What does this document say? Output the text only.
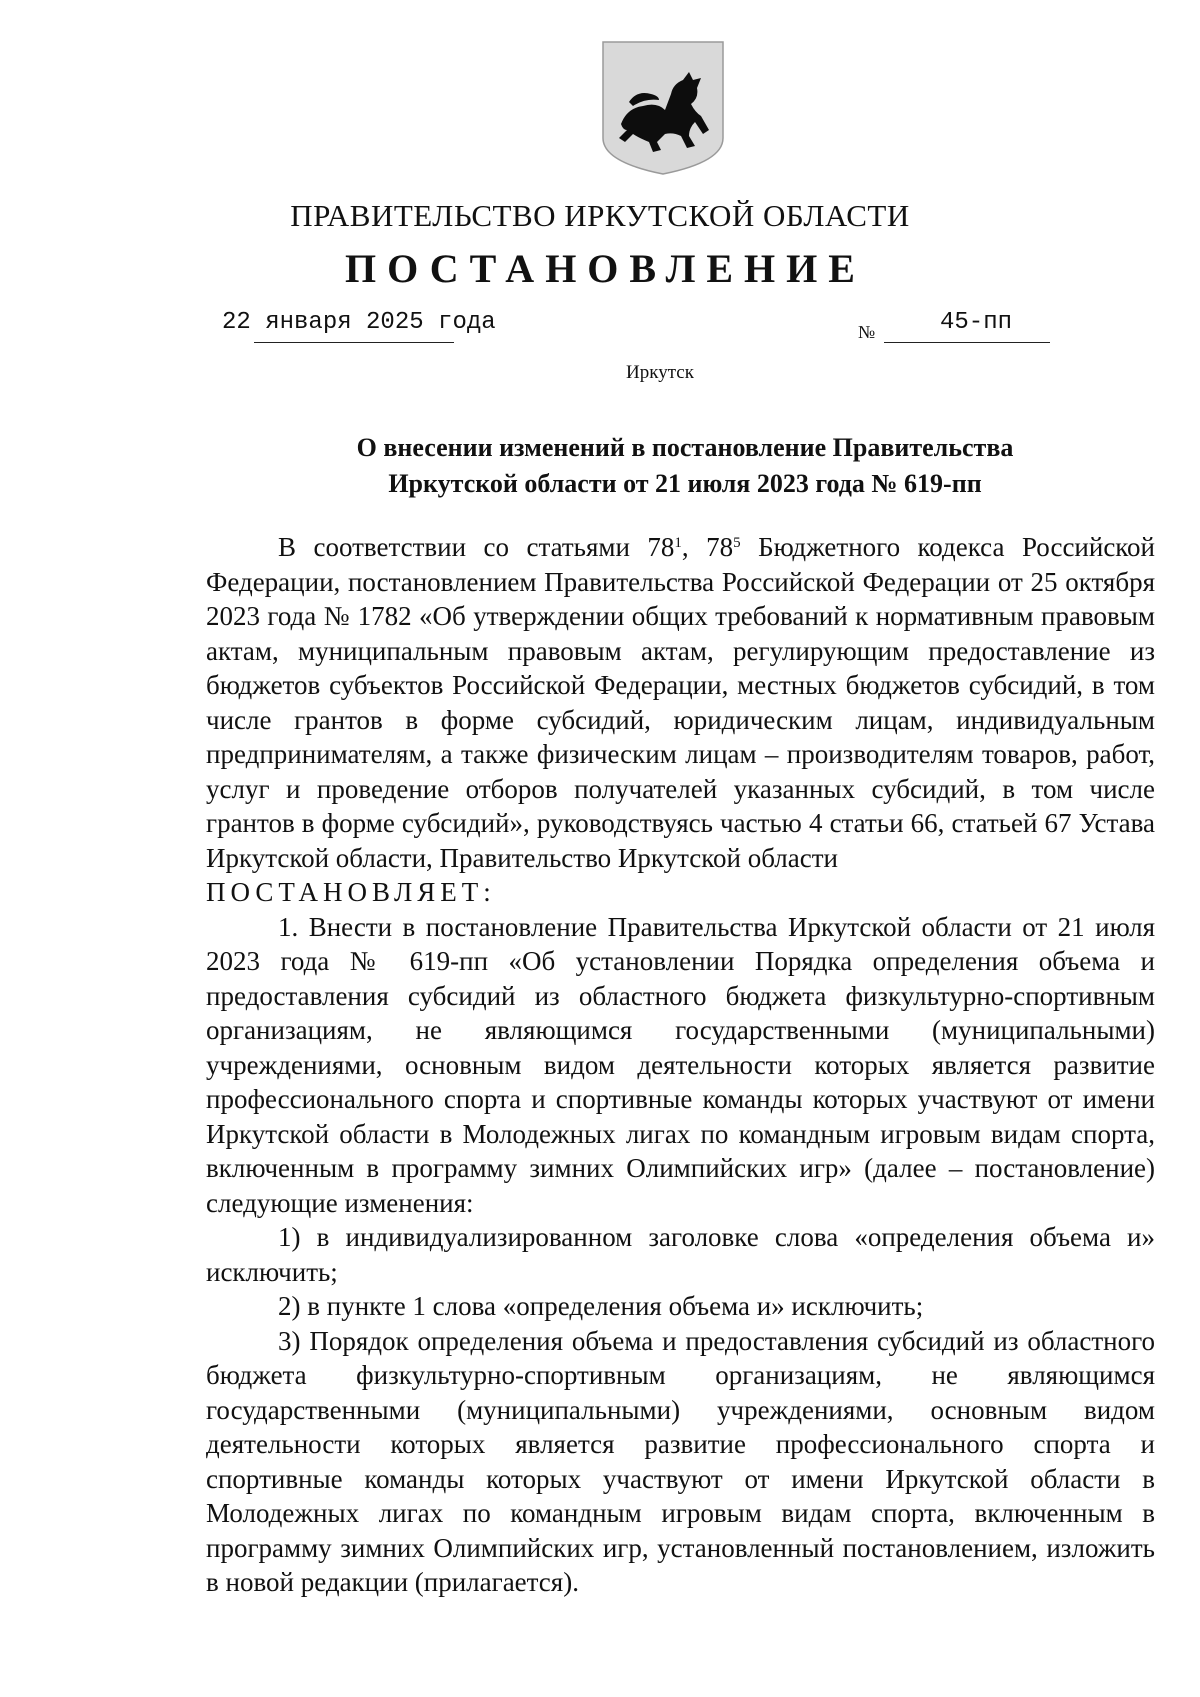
ПРАВИТЕЛЬСТВО ИРКУТСКОЙ ОБЛАСТИ
ПОСТАНОВЛЕНИЕ
22 января 2025 года	№	45-пп
Иркутск
О внесении изменений в постановление Правительства
Иркутской области от 21 июля 2023 года № 619-пп

В соответствии со статьями $78^1$, $78^5$ Бюджетного кодекса Российской Федерации, постановлением Правительства Российской Федерации от 25 октября 2023 года № 1782 «Об утверждении общих требований к нормативным правовым актам, муниципальным правовым актам, регулирующим предоставление из бюджетов субъектов Российской Федерации, местных бюджетов субсидий, в том числе грантов в форме субсидий, юридическим лицам, индивидуальным предпринимателям, а также физическим лицам – производителям товаров, работ, услуг и проведение отборов получателей указанных субсидий, в том числе грантов в форме субсидий», руководствуясь частью 4 статьи 66, статьей 67 Устава Иркутской области, Правительство Иркутской области

ПОСТАНОВЛЯЕТ:

1. Внести в постановление Правительства Иркутской области от 21 июля 2023 года № 619-пп «Об установлении Порядка определения объема и предоставления субсидий из областного бюджета физкультурно-спортивным организациям, не являющимся государственными (муниципальными) учреждениями, основным видом деятельности которых является развитие профессионального спорта и спортивные команды которых участвуют от имени Иркутской области в Молодежных лигах по командным игровым видам спорта, включенным в программу зимних Олимпийских игр» (далее – постановление) следующие изменения:

1) в индивидуализированном заголовке слова «определения объема и» исключить;

2) в пункте 1 слова «определения объема и» исключить;

3) Порядок определения объема и предоставления субсидий из областного бюджета физкультурно-спортивным организациям, не являющимся государственными (муниципальными) учреждениями, основным видом деятельности которых является развитие профессионального спорта и спортивные команды которых участвуют от имени Иркутской области в Молодежных лигах по командным игровым видам спорта, включенным в программу зимних Олимпийских игр, установленный постановлением, изложить в новой редакции (прилагается).
